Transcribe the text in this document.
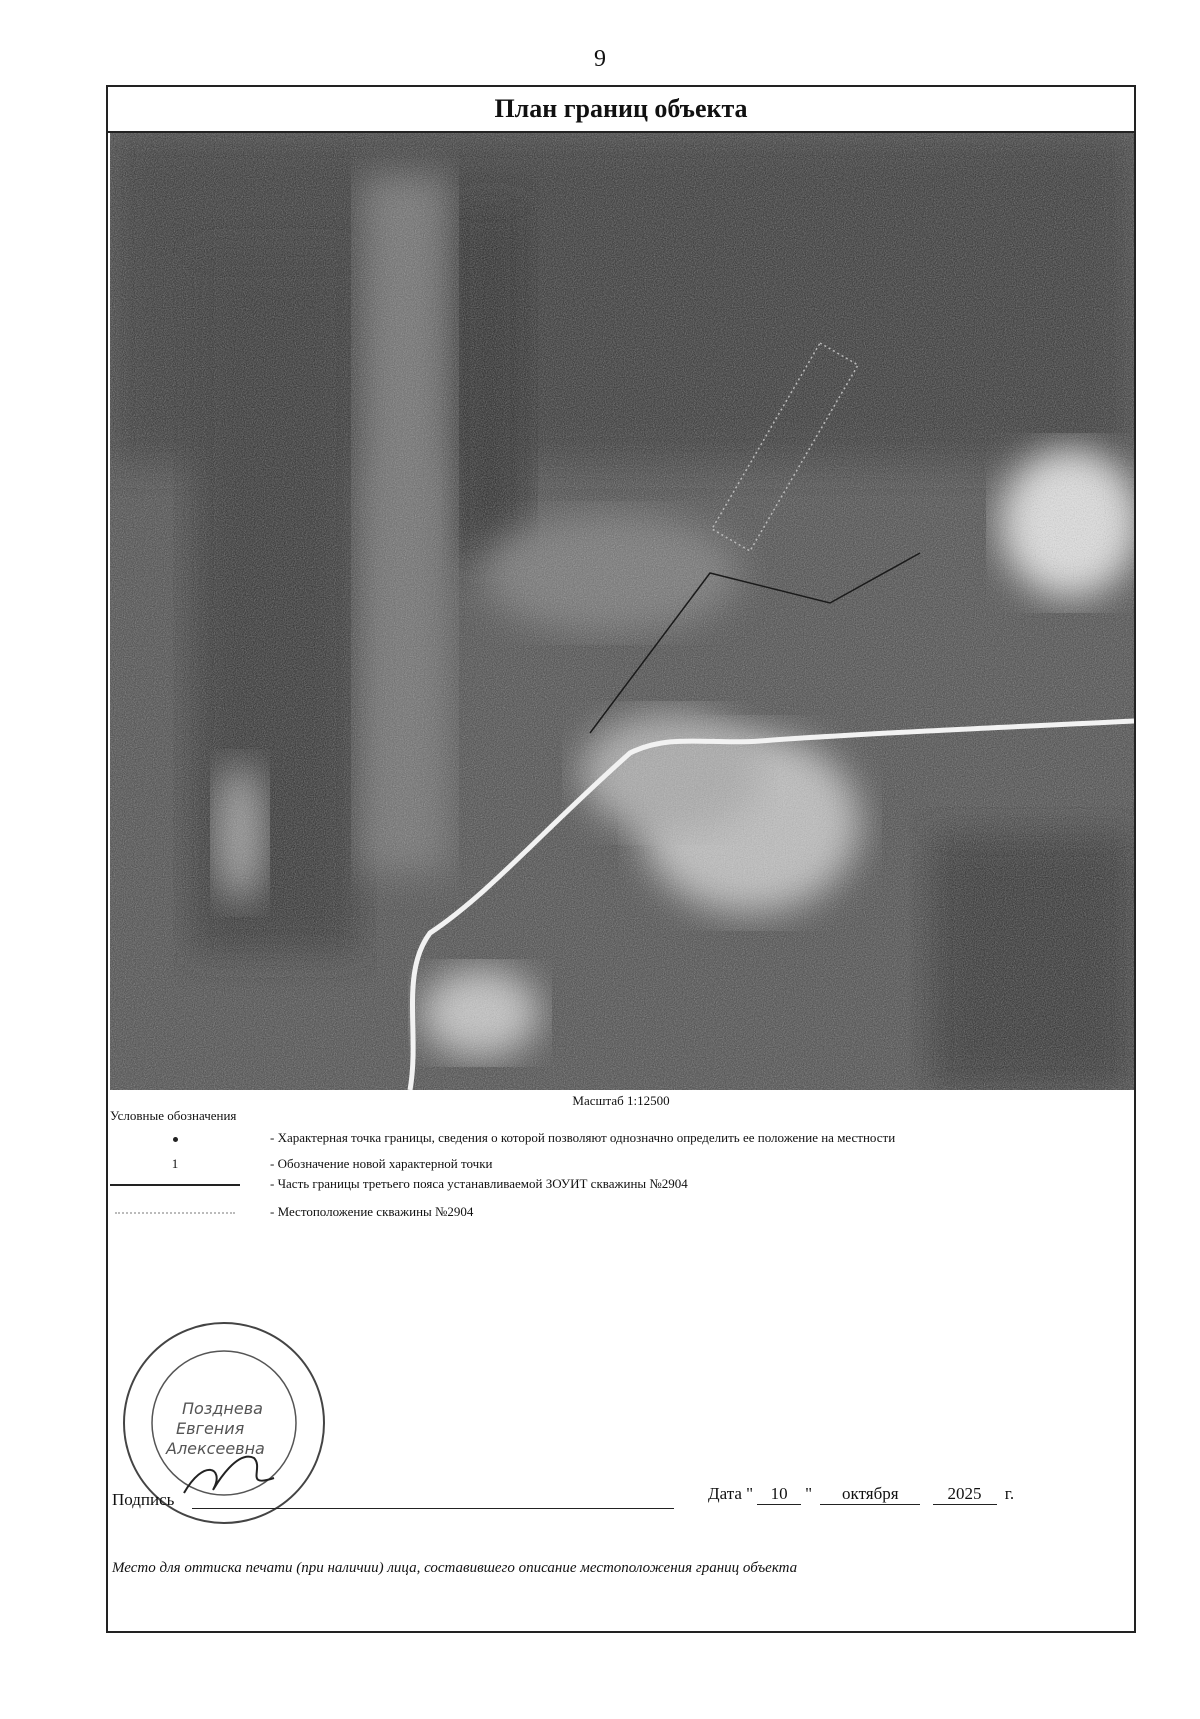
9
План границ объекта
Масштаб 1:12500
Условные обозначения
- Характерная точка границы, сведения о которой позволяют однозначно определить ее положение на местности
1	- Обозначение новой характерной точки
- Часть границы третьего пояса устанавливаемой ЗОУИТ скважины №2904
- Местоположение скважины №2904
Позднева
Евгения
Алексеевна
Подпись	Дата " 10 " октября	2025 г.
Место для оттиска печати (при наличии) лица, составившего описание местоположения границ объекта
